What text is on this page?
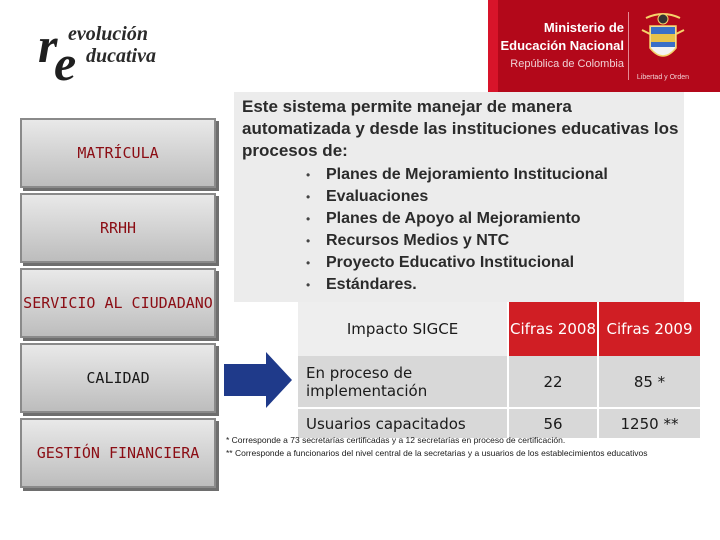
r
e
evolución
ducativa
Ministerio de
Educación Nacional
República de Colombia
Libertad y Orden
MATRÍCULA
RRHH
SERVICIO AL CIUDADANO
CALIDAD
GESTIÓN FINANCIERA
Este sistema permite manejar de manera automatizada y desde las instituciones educativas los procesos de:
• Planes de Mejoramiento Institucional
• Evaluaciones
• Planes de Apoyo al Mejoramiento
• Recursos Medios y NTC
• Proyecto Educativo Institucional
• Estándares.
Impacto SIGCE	Cifras 2008	Cifras 2009
En proceso de implementación	22	85 *
Usuarios capacitados	56	1250 **
* Corresponde a 73 secretarías certificadas y a 12 secretarías en proceso de certificación.
** Corresponde a funcionarios del nivel central de la secretarias y a usuarios de los establecimientos educativos
